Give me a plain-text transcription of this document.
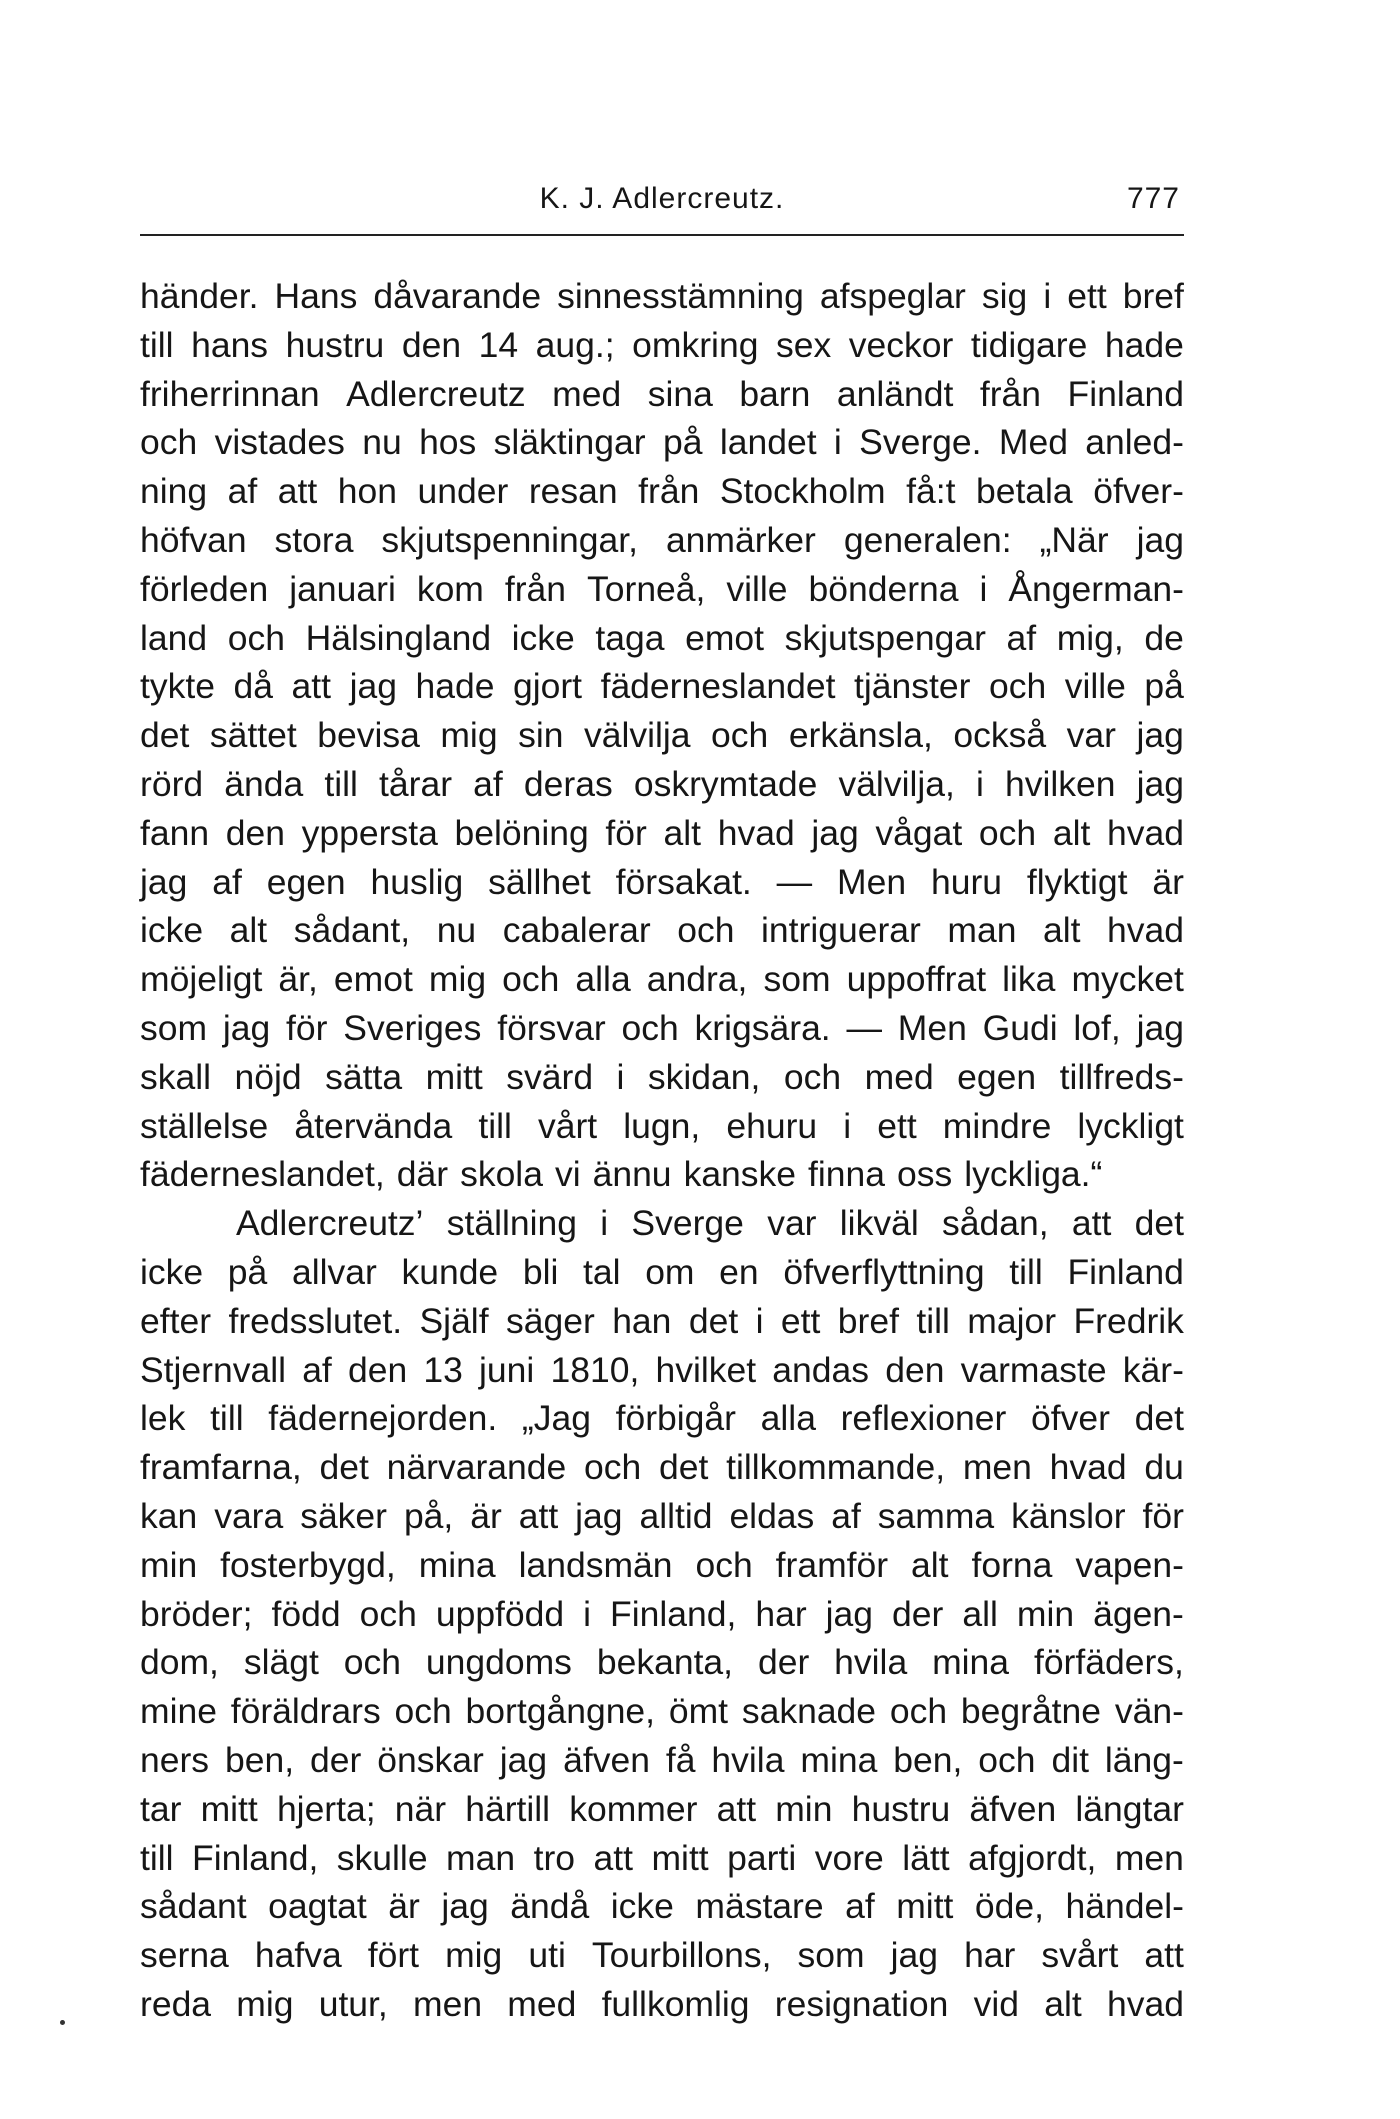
K. J. Adlercreutz.	777
händer. Hans dåvarande sinnesstämning afspeglar sig i ett bref
till hans hustru den 14 aug.; omkring sex veckor tidigare hade
friherrinnan Adlercreutz med sina barn anländt från Finland
och vistades nu hos släktingar på landet i Sverge. Med anled-
ning af att hon under resan från Stockholm få:t betala öfver-
höfvan stora skjutspenningar, anmärker generalen: „När jag
förleden januari kom från Torneå, ville bönderna i Ångerman-
land och Hälsingland icke taga emot skjutspengar af mig, de
tykte då att jag hade gjort fäderneslandet tjänster och ville på
det sättet bevisa mig sin välvilja och erkänsla, också var jag
rörd ända till tårar af deras oskrymtade välvilja, i hvilken jag
fann den yppersta belöning för alt hvad jag vågat och alt hvad
jag af egen huslig sällhet försakat. — Men huru flyktigt är
icke alt sådant, nu cabalerar och intriguerar man alt hvad
möjeligt är, emot mig och alla andra, som uppoffrat lika mycket
som jag för Sveriges försvar och krigsära. — Men Gudi lof, jag
skall nöjd sätta mitt svärd i skidan, och med egen tillfreds-
ställelse återvända till vårt lugn, ehuru i ett mindre lyckligt
fäderneslandet, där skola vi ännu kanske finna oss lyckliga.“
Adlercreutz’ ställning i Sverge var likväl sådan, att det
icke på allvar kunde bli tal om en öfverflyttning till Finland
efter fredsslutet. Själf säger han det i ett bref till major Fredrik
Stjernvall af den 13 juni 1810, hvilket andas den varmaste kär-
lek till fädernejorden. „Jag förbigår alla reflexioner öfver det
framfarna, det närvarande och det tillkommande, men hvad du
kan vara säker på, är att jag alltid eldas af samma känslor för
min fosterbygd, mina landsmän och framför alt forna vapen-
bröder; född och uppfödd i Finland, har jag der all min ägen-
dom, slägt och ungdoms bekanta, der hvila mina förfäders,
mine föräldrars och bortgångne, ömt saknade och begråtne vän-
ners ben, der önskar jag äfven få hvila mina ben, och dit läng-
tar mitt hjerta; när härtill kommer att min hustru äfven längtar
till Finland, skulle man tro att mitt parti vore lätt afgjordt, men
sådant oagtat är jag ändå icke mästare af mitt öde, händel-
serna hafva fört mig uti Tourbillons, som jag har svårt att
reda mig utur, men med fullkomlig resignation vid alt hvad
